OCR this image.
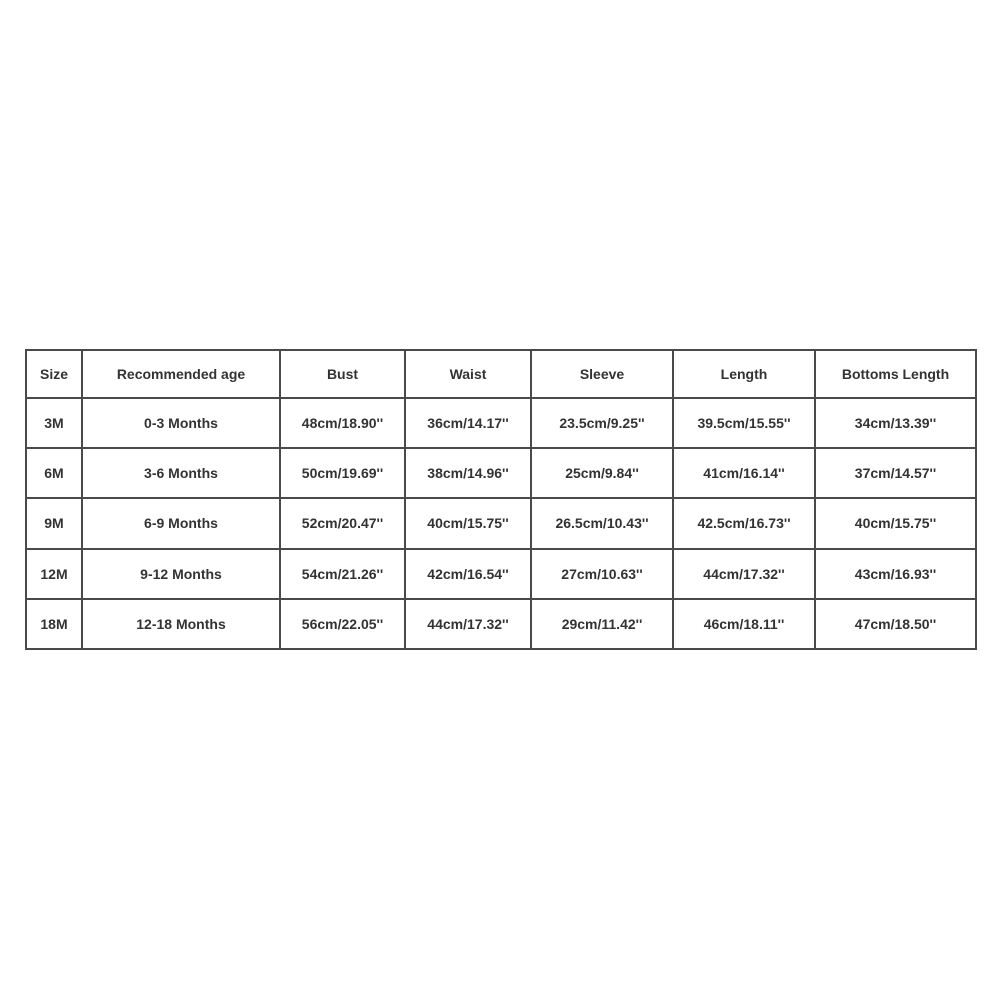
Size	Recommended age	Bust	Waist	Sleeve	Length	Bottoms Length
3M	0-3 Months	48cm/18.90''	36cm/14.17''	23.5cm/9.25''	39.5cm/15.55''	34cm/13.39''
6M	3-6 Months	50cm/19.69''	38cm/14.96''	25cm/9.84''	41cm/16.14''	37cm/14.57''
9M	6-9 Months	52cm/20.47''	40cm/15.75''	26.5cm/10.43''	42.5cm/16.73''	40cm/15.75''
12M	9-12 Months	54cm/21.26''	42cm/16.54''	27cm/10.63''	44cm/17.32''	43cm/16.93''
18M	12-18 Months	56cm/22.05''	44cm/17.32''	29cm/11.42''	46cm/18.11''	47cm/18.50''
